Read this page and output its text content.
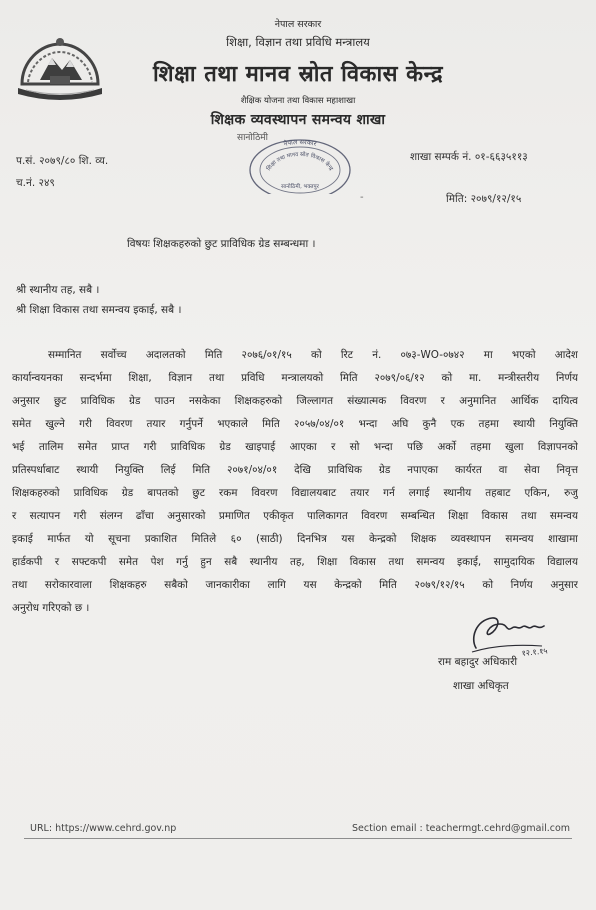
नेपाल सरकार
शिक्षा, विज्ञान तथा प्रविधि मन्त्रालय
शिक्षा तथा मानव स्रोत विकास केन्द्र
शैक्षिक योजना तथा विकास महाशाखा
शिक्षक व्यवस्थापन समन्वय शाखा
सानोठिमी
नेपाल सरकार
शिक्षा तथा मानव स्रोत विकास केन्द्र
सानोठिमी, भक्तपुर
प.सं. २०७९/८० शि. व्य.
च.नं. २४९
शाखा सम्पर्क नं. ०१-६६३५११३
-	मिति: २०७९/१२/१५
विषयः शिक्षकहरुको छुट प्राविधिक ग्रेड सम्बन्धमा ।
श्री स्थानीय तह, सबै ।
श्री शिक्षा विकास तथा समन्वय इकाई, सबै ।
सम्मानित सर्वोच्च अदालतको मिति २०७६/०१/१५ को रिट नं. ०७३-WO-०७४२ मा भएको आदेश
कार्यान्वयनका सन्दर्भमा शिक्षा, विज्ञान तथा प्रविधि मन्त्रालयको मिति २०७९/०६/१२ को मा. मन्त्रीस्तरीय निर्णय
अनुसार छुट प्राविधिक ग्रेड पाउन नसकेका शिक्षकहरुको जिल्लागत संख्यात्मक विवरण र अनुमानित आर्थिक दायित्व
समेत खुल्ने गरी विवरण तयार गर्नुपर्ने भएकाले मिति २०५७/०४/०१ भन्दा अघि कुनै एक तहमा स्थायी नियुक्ति
भई तालिम समेत प्राप्त गरी प्राविधिक ग्रेड खाइपाई आएका र सो भन्दा पछि अर्को तहमा खुला विज्ञापनको
प्रतिस्पर्धाबाट स्थायी नियुक्ति लिई मिति २०७१/०४/०१ देखि प्राविधिक ग्रेड नपाएका कार्यरत वा सेवा निवृत्त
शिक्षकहरुको प्राविधिक ग्रेड बापतको छुट रकम विवरण विद्यालयबाट तयार गर्न लगाई स्थानीय तहबाट एकिन, रुजु
र सत्यापन गरी संलग्न ढाँचा अनुसारको प्रमाणित एकीकृत पालिकागत विवरण सम्बन्धित शिक्षा विकास तथा समन्वय
इकाई मार्फत यो सूचना प्रकाशित मितिले ६० (साठी) दिनभित्र यस केन्द्रको शिक्षक व्यवस्थापन समन्वय शाखामा
हार्डकपी र सफ्टकपी समेत पेश गर्नु हुन सबै स्थानीय तह, शिक्षा विकास तथा समन्वय इकाई, सामुदायिक विद्यालय
तथा सरोकारवाला शिक्षकहरु सबैको जानकारीका लागि यस केन्द्रको मिति २०७९/१२/१५ को निर्णय अनुसार
अनुरोध गरिएको छ ।
१२.१.१५
राम बहादुर अधिकारी
शाखा अधिकृत
URL: https://www.cehrd.gov.np	Section email : teachermgt.cehrd@gmail.com
